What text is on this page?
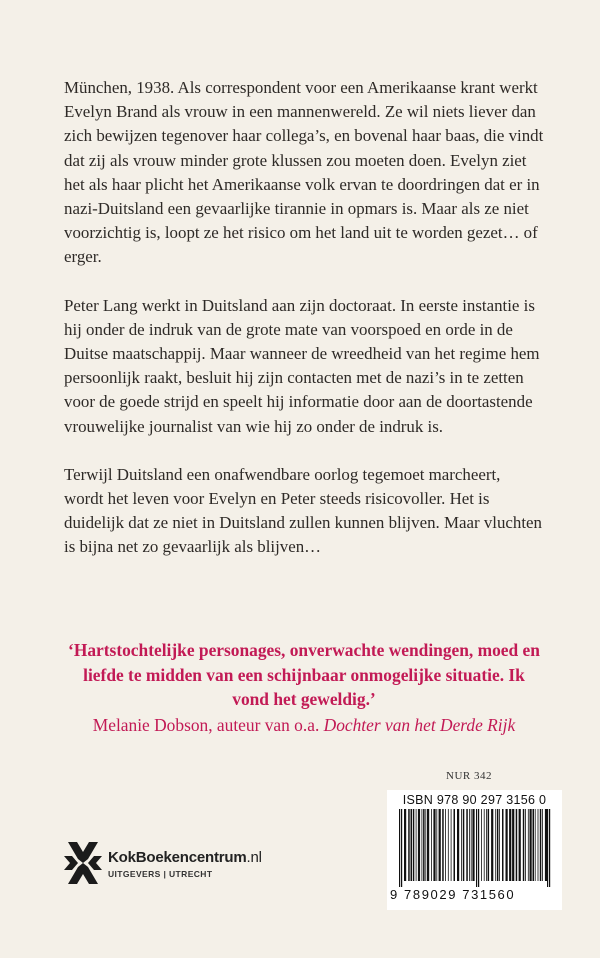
München, 1938. Als correspondent voor een Amerikaanse krant werkt Evelyn Brand als vrouw in een mannenwereld. Ze wil niets liever dan zich bewijzen tegenover haar collega’s, en bovenal haar baas, die vindt dat zij als vrouw minder grote klussen zou moeten doen. Evelyn ziet het als haar plicht het Amerikaanse volk ervan te doordringen dat er in nazi-Duitsland een gevaarlijke tirannie in opmars is. Maar als ze niet voorzichtig is, loopt ze het risico om het land uit te worden gezet… of erger.

Peter Lang werkt in Duitsland aan zijn doctoraat. In eerste instantie is hij onder de indruk van de grote mate van voorspoed en orde in de Duitse maatschappij. Maar wanneer de wreedheid van het regime hem persoonlijk raakt, besluit hij zijn contacten met de nazi’s in te zetten voor de goede strijd en speelt hij informatie door aan de doortastende vrouwelijke journalist van wie hij zo onder de indruk is.

Terwijl Duitsland een onafwendbare oorlog tegemoet marcheert, wordt het leven voor Evelyn en Peter steeds risicovoller. Het is duidelijk dat ze niet in Duitsland zullen kunnen blijven. Maar vluchten is bijna net zo gevaarlijk als blijven…

‘Hartstochtelijke personages, onverwachte wendingen, moed en liefde te midden van een schijnbaar onmogelijke situatie. Ik vond het geweldig.’
Melanie Dobson, auteur van o.a. Dochter van het Derde Rijk
NUR 342
ISBN 978 90 297 3156 0
9 789029 731560
KokBoekencentrum.nl
UITGEVERS | UTRECHT
